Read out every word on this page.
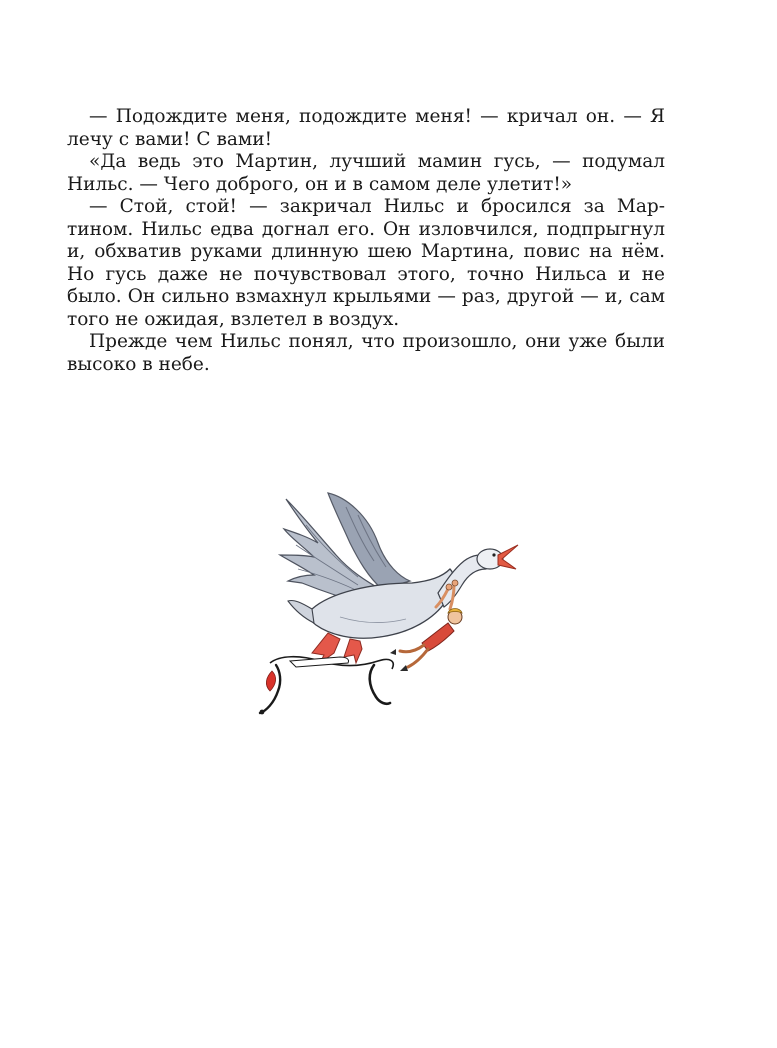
— Подождите меня, подождите меня! — кричал он. — Я лечу с вами! С вами!

«Да ведь это Мартин, лучший мамин гусь, — подумал Нильс. — Чего доброго, он и в самом деле улетит!»

— Стой, стой! — закричал Нильс и бросился за Мартином. Нильс едва догнал его. Он изловчился, подпрыгнул и, обхватив руками длинную шею Мартина, повис на нём. Но гусь даже не почувствовал этого, точно Нильса и не было. Он сильно взмахнул крыльями — раз, другой — и, сам того не ожидая, взлетел в воздух.

Прежде чем Нильс понял, что произошло, они уже были высоко в небе.
